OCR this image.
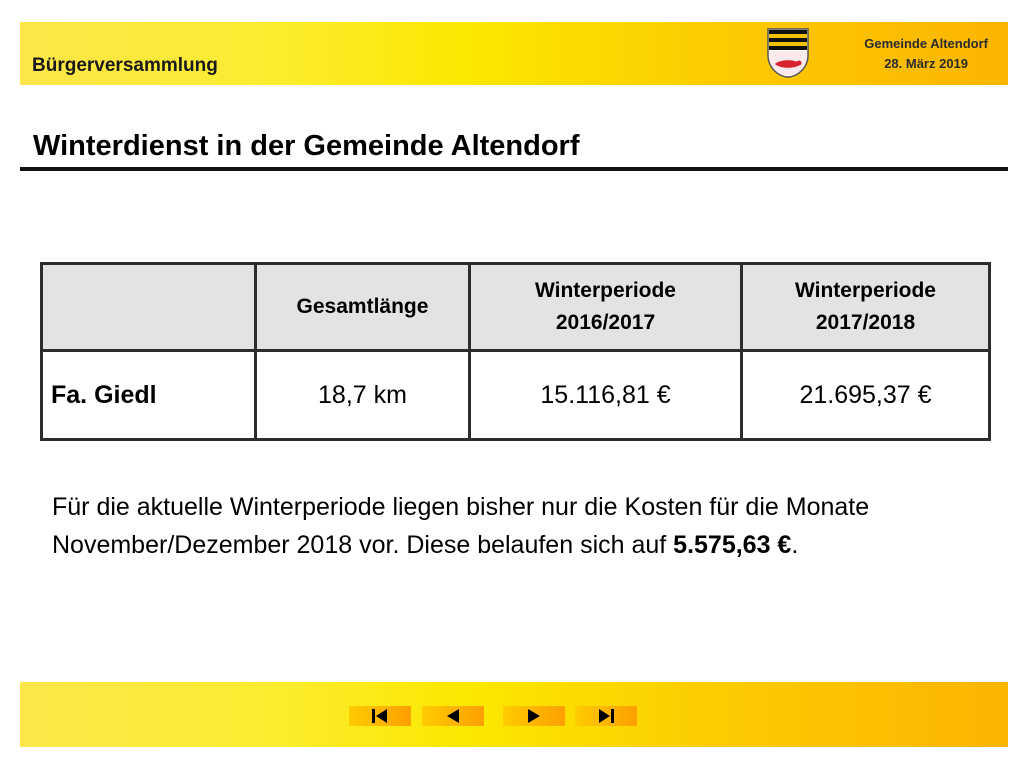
Bürgerversammlung
Gemeinde Altendorf
28. März 2019
Winterdienst in der Gemeinde Altendorf
	Gesamtlänge	Winterperiode 2016/2017	Winterperiode 2017/2018

Fa. Giedl	18,7 km	15.116,81 €	21.695,37 €
Für die aktuelle Winterperiode liegen bisher nur die Kosten für die Monate November/Dezember 2018 vor. Diese belaufen sich auf 5.575,63 €.
